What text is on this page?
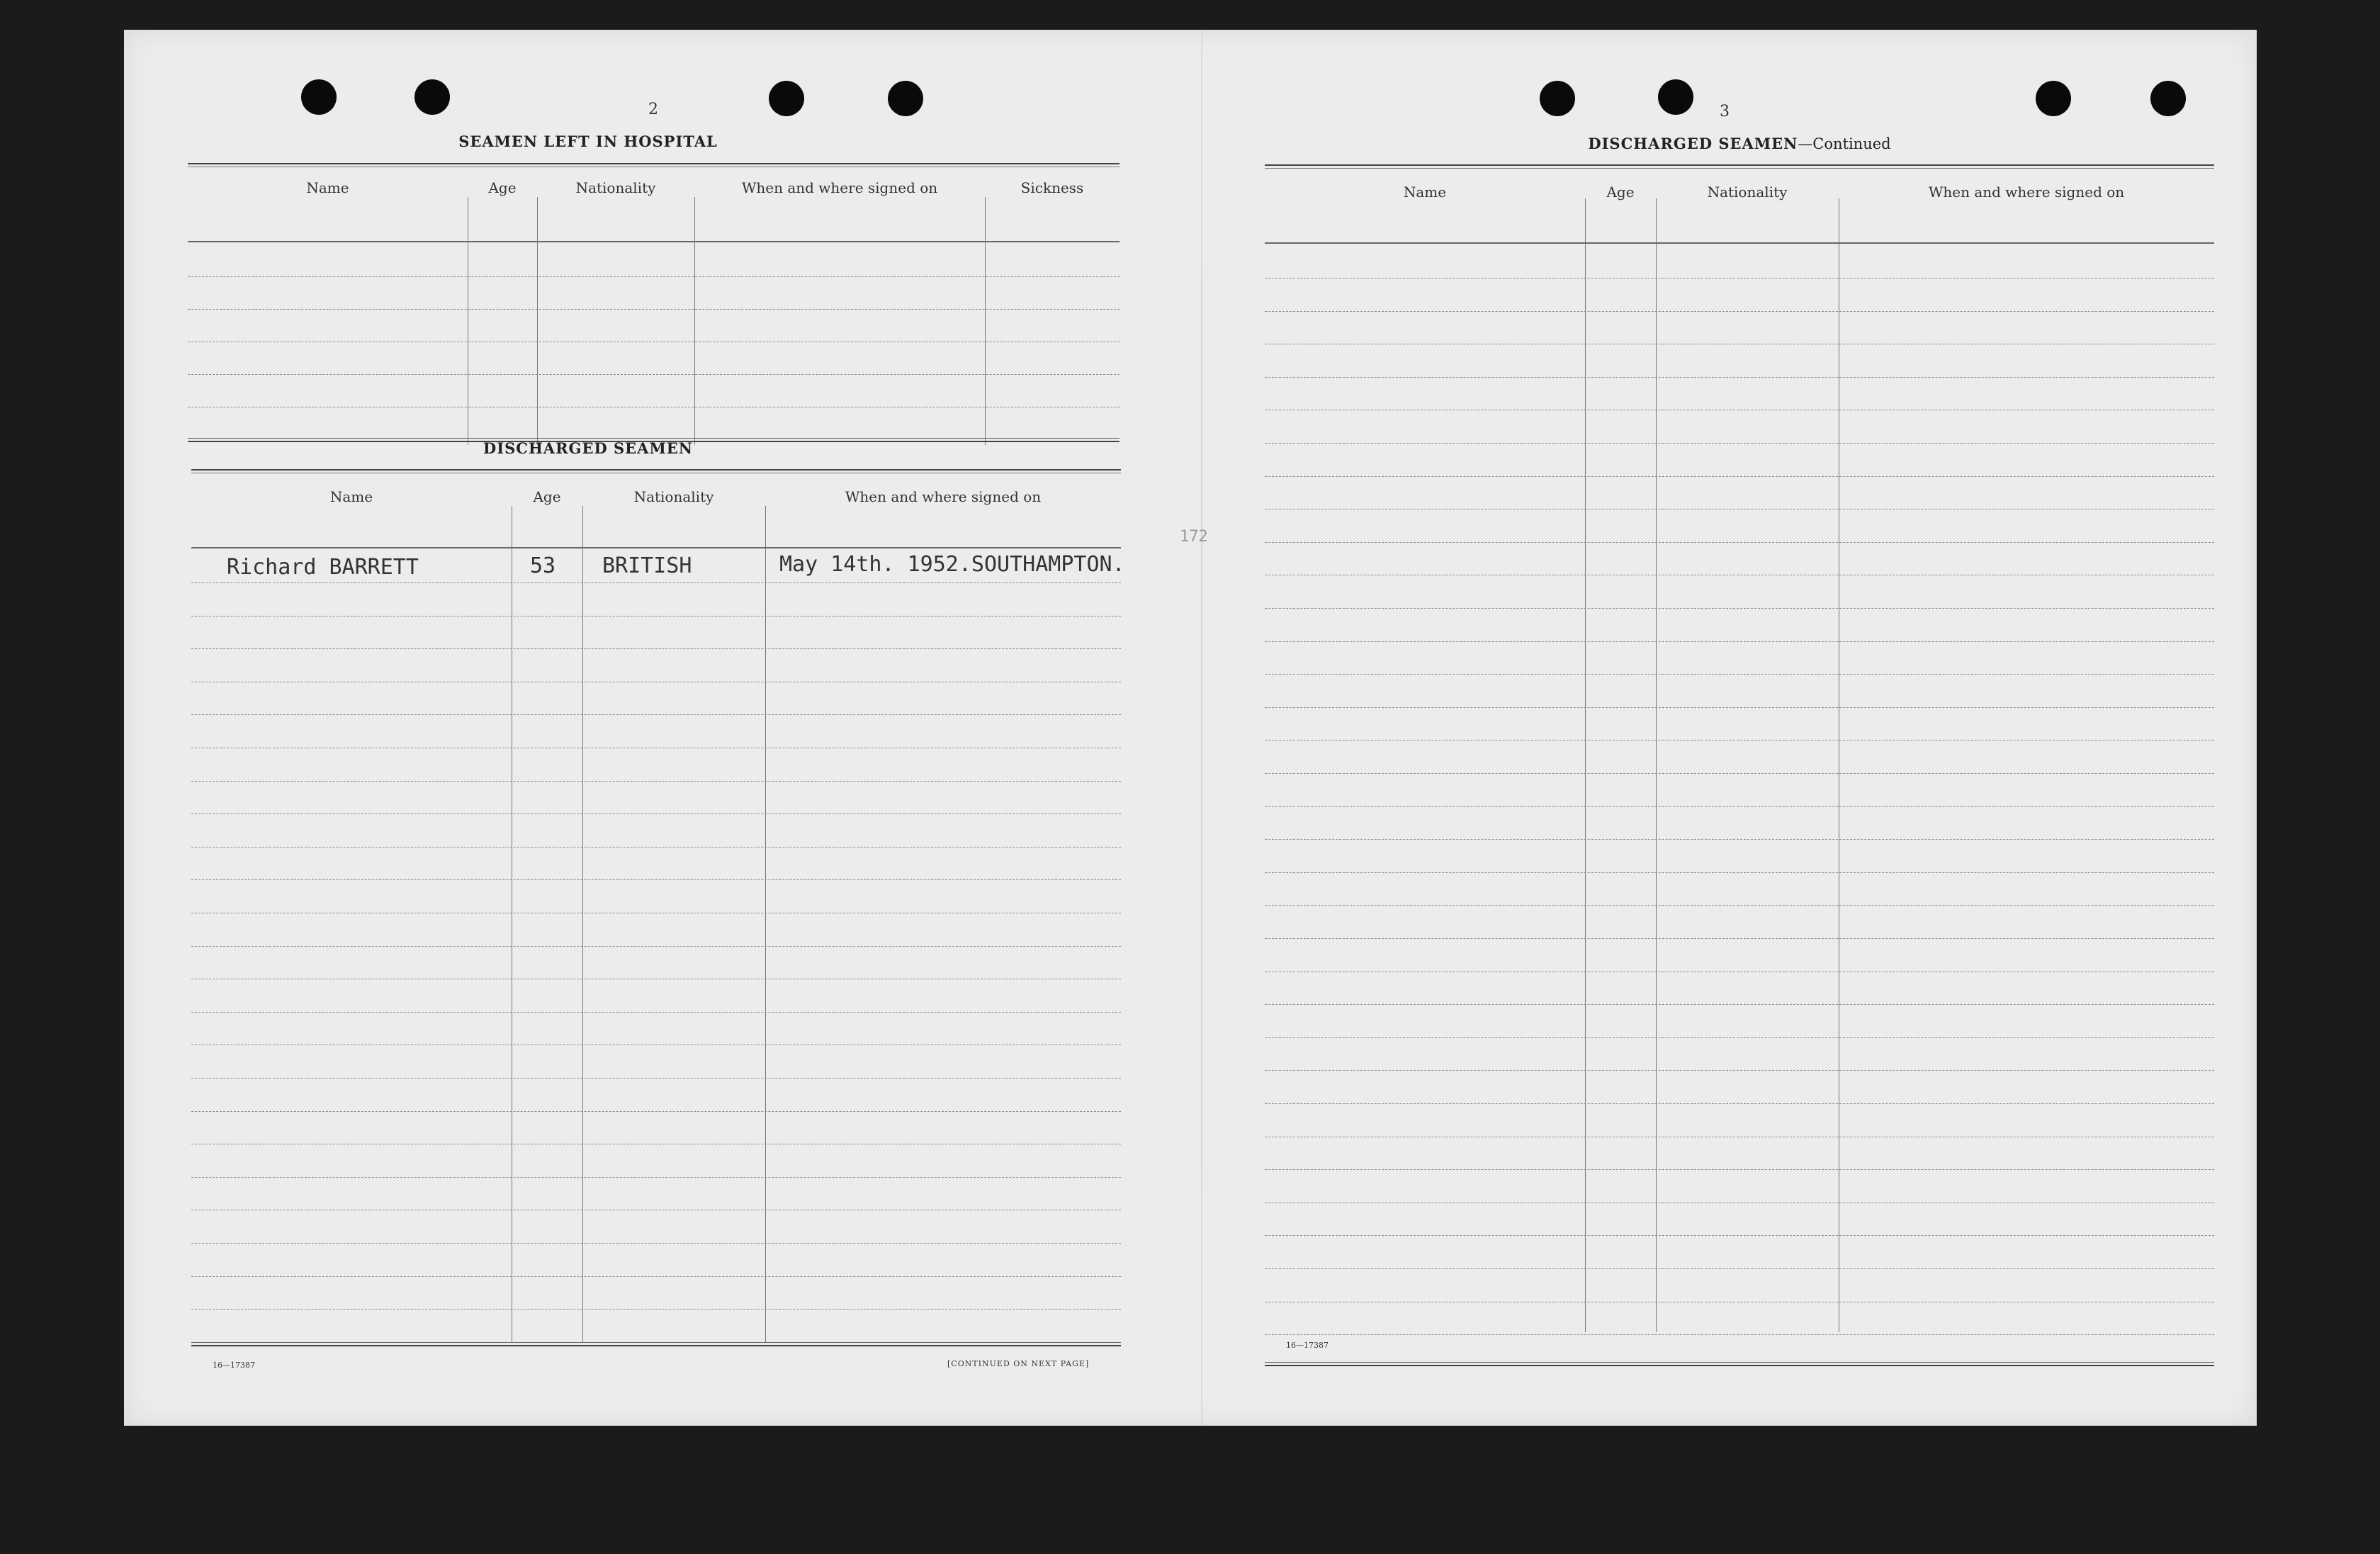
2
SEAMEN LEFT IN HOSPITAL
Name	Age	Nationality	When and where signed on	Sickness
DISCHARGED SEAMEN
Name	Age	Nationality	When and where signed on
Richard BARRETT	53 BRITISH	May 14th. 1952.SOUTHAMPTON.
16—17387	[CONTINUED ON NEXT PAGE]
172
3
DISCHARGED SEAMEN—Continued
Name	Age	Nationality	When and where signed on
16—17387
